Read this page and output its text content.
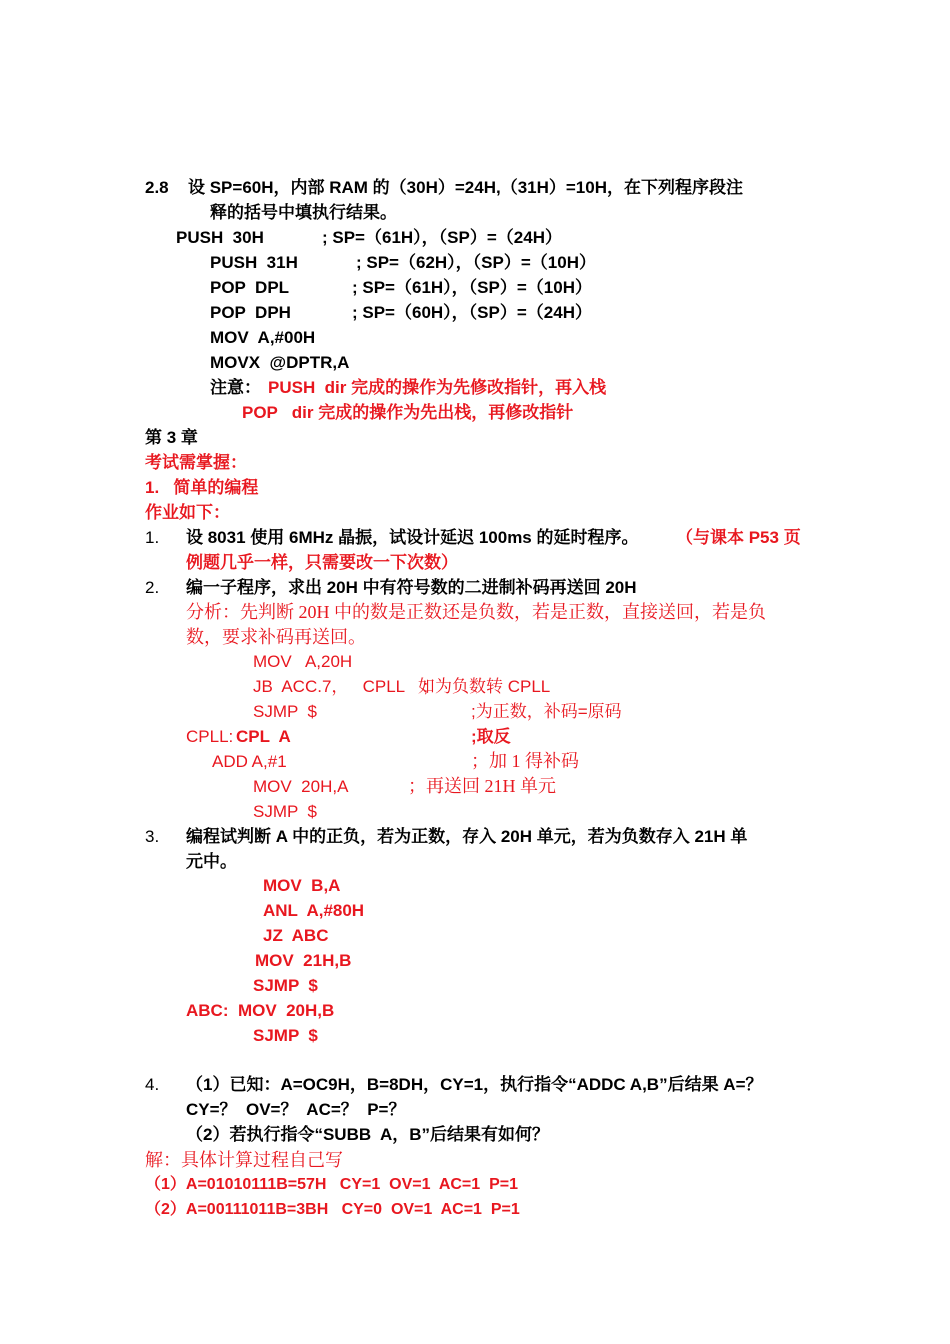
2.8 设 SP=60H，内部 RAM 的（30H）=24H,（31H）=10H，在下列程序段注
释的括号中填执行结果。
PUSH  30H	; SP=（61H），（SP）=（24H）
PUSH  31H	; SP=（62H），（SP）=（10H）
POP  DPL	; SP=（61H），（SP）=（10H）
POP  DPH	; SP=（60H），（SP）=（24H）
MOV  A,#00H
MOVX  @DPTR,A
注意： PUSH  dir 完成的操作为先修改指针，再入栈
POP   dir 完成的操作为先出栈，再修改指针
第 3 章
考试需掌握：
1.   简单的编程
作业如下：
1. 设 8031 使用 6MHz 晶振，试设计延迟 100ms 的延时程序。 （与课本 P53 页
例题几乎一样，只需要改一下次数）
2. 编一子程序，求出 20H 中有符号数的二进制补码再送回 20H
分析：先判断 20H 中的数是正数还是负数，若是正数，直接送回，若是负
数，要求补码再送回。
MOV   A,20H
JB  ACC.7，   CPLL    ;
如为负数转 CPLL
SJMP  $	;为正数，补码=原码
CPLL:
CPL  A	;取反
ADD A,#1	；加 1 得补码
MOV  20H,A	；再送回 21H 单元
SJMP  $
3. 编程试判断 A 中的正负，若为正数，存入 20H 单元，若为负数存入 21H 单
元中。
MOV  B,A
ANL  A,#80H
JZ  ABC
MOV  21H,B
SJMP  $
ABC:  MOV  20H,B
SJMP  $
4. （1）已知：A=OC9H，B=8DH，CY=1，执行指令“ADDC A,B”后结果 A=？
CY=？  OV=？  AC=？  P=？
（2）若执行指令“SUBB  A，B”后结果有如何？
解：具体计算过程自己写
（1）A=01010111B=57H   CY=1  OV=1  AC=1  P=1
（2）A=00111011B=3BH   CY=0  OV=1  AC=1  P=1
